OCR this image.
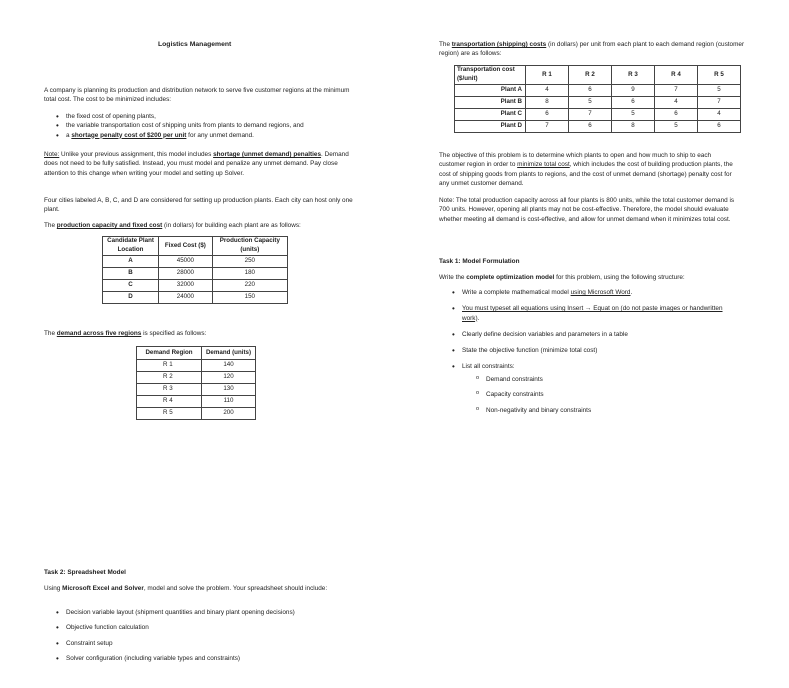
Logistics Management

A company is planning its production and distribution network to serve five customer regions at the minimum total cost. The cost to be minimized includes:

• the fixed cost of opening plants,
• the variable transportation cost of shipping units from plants to demand regions, and
• a shortage penalty cost of $200 per unit for any unmet demand.

Note: Unlike your previous assignment, this model includes shortage (unmet demand) penalties. Demand does not need to be fully satisfied. Instead, you must model and penalize any unmet demand. Pay close attention to this change when writing your model and setting up Solver.

Four cities labeled A, B, C, and D are considered for setting up production plants. Each city can host only one plant.

The production capacity and fixed cost (in dollars) for building each plant are as follows:

Candidate Plant Location	Fixed Cost ($)	Production Capacity (units)
A	45000	250
B	28000	180
C	32000	220
D	24000	150

The demand across five regions is specified as follows:

Demand Region	Demand (units)
R 1	140
R 2	120
R 3	130
R 4	110
R 5	200

Task 2: Spreadsheet Model

Using Microsoft Excel and Solver, model and solve the problem. Your spreadsheet should include:

• Decision variable layout (shipment quantities and binary plant opening decisions)
• Objective function calculation
• Constraint setup
• Solver configuration (including variable types and constraints)

The transportation (shipping) costs (in dollars) per unit from each plant to each demand region (customer region) are as follows:

Transportation cost ($/unit)	R 1	R 2	R 3	R 4	R 5
Plant A	4	6	9	7	5
Plant B	8	5	6	4	7
Plant C	6	7	5	6	4
Plant D	7	6	8	5	6

The objective of this problem is to determine which plants to open and how much to ship to each customer region in order to minimize total cost, which includes the cost of building production plants, the cost of shipping goods from plants to regions, and the cost of unmet demand (shortage) penalty cost for any unmet customer demand.

Note: The total production capacity across all four plants is 800 units, while the total customer demand is 700 units. However, opening all plants may not be cost-effective. Therefore, the model should evaluate whether meeting all demand is cost-effective, and allow for unmet demand when it minimizes total cost.

Task 1: Model Formulation

Write the complete optimization model for this problem, using the following structure:

• Write a complete mathematical model using Microsoft Word.
• You must typeset all equations using Insert → Equat on (do not paste images or handwritten work).
• Clearly define decision variables and parameters in a table
• State the objective function (minimize total cost)
• List all constraints:
o Demand constraints
o Capacity constraints
o Non-negativity and binary constraints
